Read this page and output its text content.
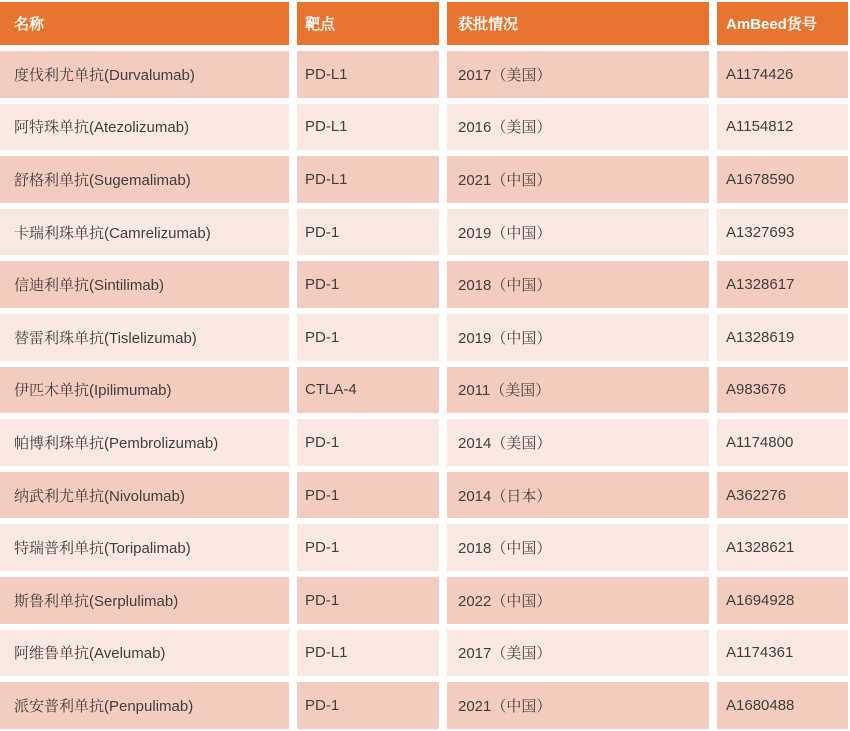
名称	靶点	获批情况	AmBeed货号
度伐利尤单抗(Durvalumab)	PD-L1	2017（美国）	A1174426
阿特珠单抗(Atezolizumab)	PD-L1	2016（美国）	A1154812
舒格利单抗(Sugemalimab)	PD-L1	2021（中国）	A1678590
卡瑞利珠单抗(Camrelizumab)	PD-1	2019（中国）	A1327693
信迪利单抗(Sintilimab)	PD-1	2018（中国）	A1328617
替雷利珠单抗(Tislelizumab)	PD-1	2019（中国）	A1328619
伊匹木单抗(Ipilimumab)	CTLA-4	2011（美国）	A983676
帕博利珠单抗(Pembrolizumab)	PD-1	2014（美国）	A1174800
纳武利尤单抗(Nivolumab)	PD-1	2014（日本）	A362276
特瑞普利单抗(Toripalimab)	PD-1	2018（中国）	A1328621
斯鲁利单抗(Serplulimab)	PD-1	2022（中国）	A1694928
阿维鲁单抗(Avelumab)	PD-L1	2017（美国）	A1174361
派安普利单抗(Penpulimab)	PD-1	2021（中国）	A1680488
